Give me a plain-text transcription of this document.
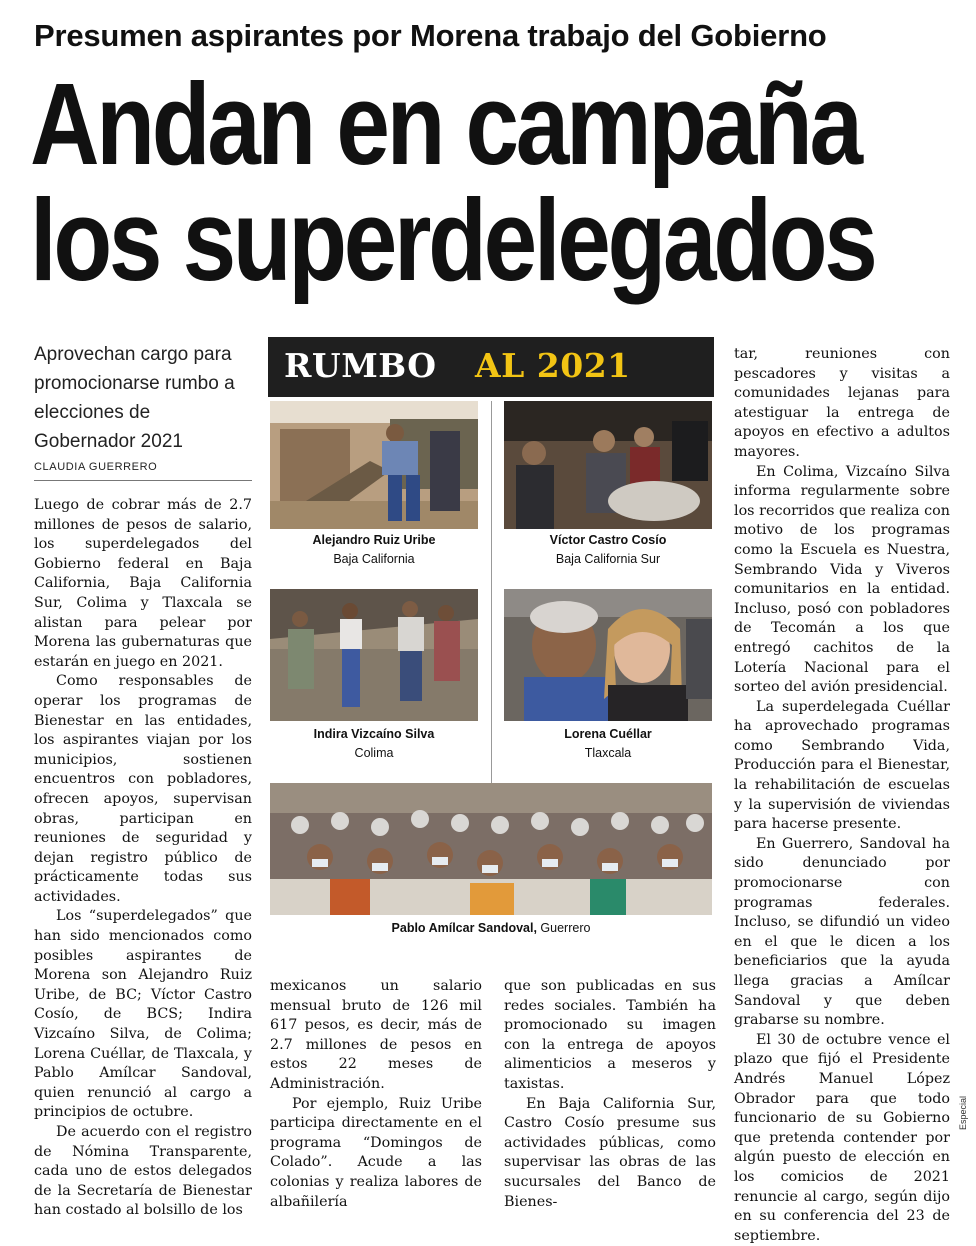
Presumen aspirantes por Morena trabajo del Gobierno
Andan en campaña
los superdelegados
Aprovechan cargo para promocionarse rumbo a elecciones de Gobernador 2021
CLAUDIA GUERRERO

Luego de cobrar más de 2.7 millones de pesos de salario, los superdelegados del Gobierno federal en Baja California, Baja California Sur, Colima y Tlaxcala se alistan para pelear por Morena las gubernaturas que estarán en juego en 2021.

Como responsables de operar los programas de Bienestar en las entidades, los aspirantes viajan por los municipios, sostienen encuentros con pobladores, ofrecen apoyos, supervisan obras, participan en reuniones de seguridad y dejan registro público de prácticamente todas sus actividades.

Los “superdelegados” que han sido mencionados como posibles aspirantes de Morena son Alejandro Ruiz Uribe, de BC; Víctor Castro Cosío, de BCS; Indira Vizcaíno Silva, de Colima; Lorena Cuéllar, de Tlaxcala, y Pablo Amílcar Sandoval, quien renunció al cargo a principios de octubre.

De acuerdo con el registro de Nómina Transparente, cada uno de estos delegados de la Secretaría de Bienestar han costado al bolsillo de los

RUMBO AL 2021
Alejandro Ruiz Uribe
Baja California
Víctor Castro Cosío
Baja California Sur
Indira Vizcaíno Silva
Colima
Lorena Cuéllar
Tlaxcala
Pablo Amílcar Sandoval, Guerrero

mexicanos un salario mensual bruto de 126 mil 617 pesos, es decir, más de 2.7 millones de pesos en estos 22 meses de Administración.

Por ejemplo, Ruiz Uribe participa directamente en el programa “Domingos de Colado”. Acude a las colonias y realiza labores de albañilería

que son publicadas en sus redes sociales. También ha promocionado su imagen con la entrega de apoyos alimenticios a meseros y taxistas.

En Baja California Sur, Castro Cosío presume sus actividades públicas, como supervisar las obras de las sucursales del Banco de Bienes-

tar, reuniones con pescadores y visitas a comunidades lejanas para atestiguar la entrega de apoyos en efectivo a adultos mayores.

En Colima, Vizcaíno Silva informa regularmente sobre los recorridos que realiza con motivo de los programas como la Escuela es Nuestra, Sembrando Vida y Viveros comunitarios en la entidad. Incluso, posó con pobladores de Tecomán a los que entregó cachitos de la Lotería Nacional para el sorteo del avión presidencial.

La superdelegada Cuéllar ha aprovechado programas como Sembrando Vida, Producción para el Bienestar, la rehabilitación de escuelas y la supervisión de viviendas para hacerse presente.

En Guerrero, Sandoval ha sido denunciado por promocionarse con programas federales. Incluso, se difundió un video en el que le dicen a los beneficiarios que la ayuda llega gracias a Amílcar Sandoval y que deben grabarse su nombre.

El 30 de octubre vence el plazo que fijó el Presidente Andrés Manuel López Obrador para que todo funcionario de su Gobierno que pretenda contender por algún puesto de elección en los comicios de 2021 renuncie al cargo, según dijo en su conferencia del 23 de septiembre.

Especial
